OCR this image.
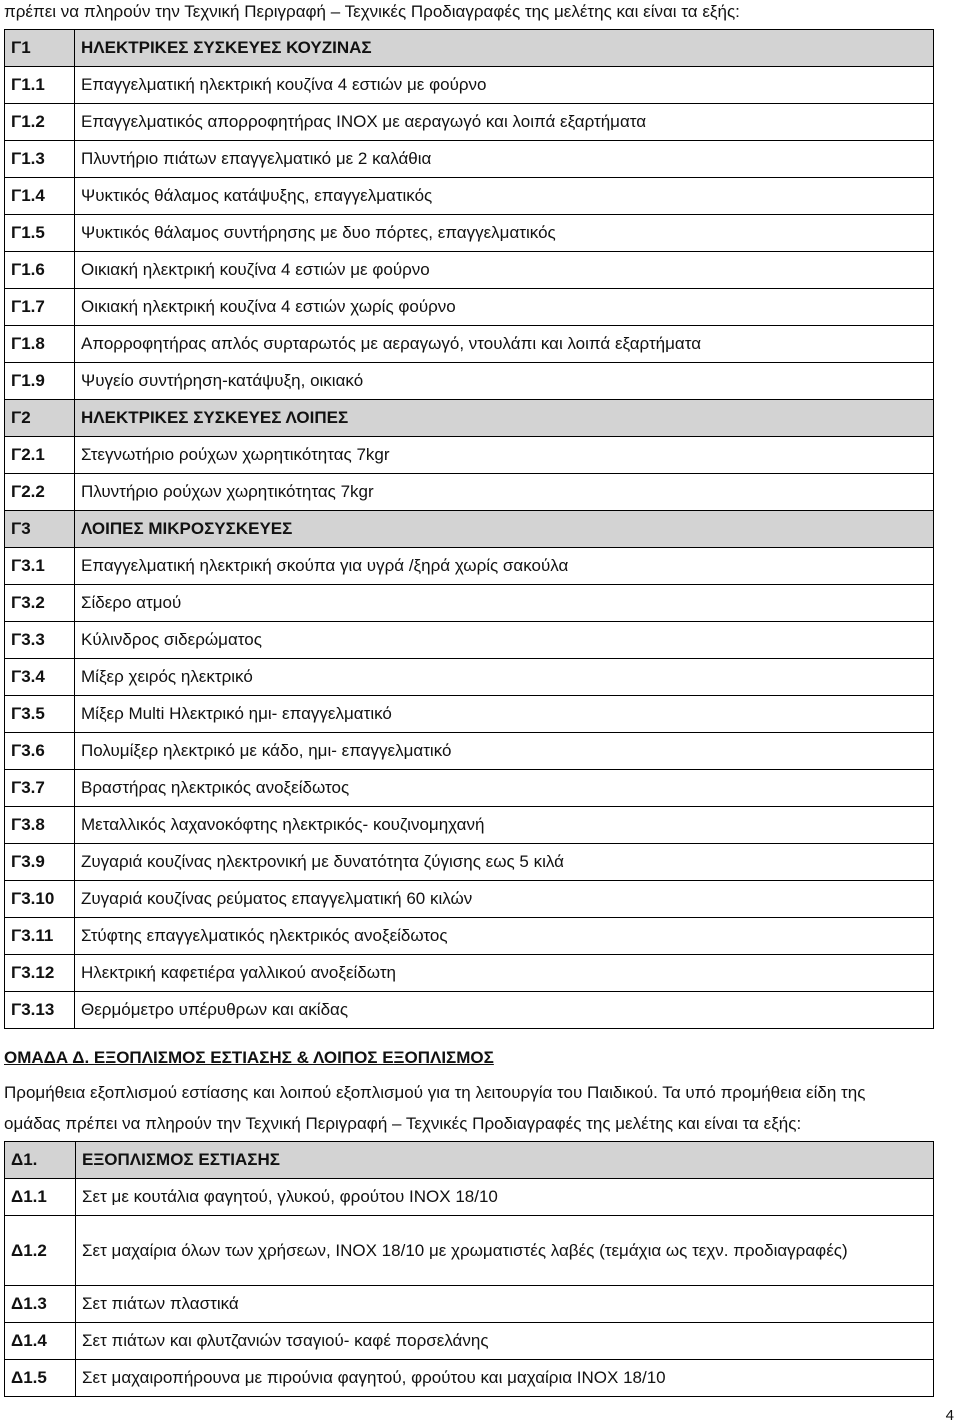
πρέπει να πληρούν την Τεχνική Περιγραφή – Τεχνικές Προδιαγραφές της μελέτης και είναι τα εξής:
Γ1	ΗΛΕΚΤΡΙΚΕΣ ΣΥΣΚΕΥΕΣ ΚΟΥΖΙΝΑΣ
Γ1.1	Επαγγελματική ηλεκτρική κουζίνα 4 εστιών με φούρνο
Γ1.2	Επαγγελματικός απορροφητήρας INOX με αεραγωγό και λοιπά εξαρτήματα
Γ1.3	Πλυντήριο πιάτων επαγγελματικό με 2 καλάθια
Γ1.4	Ψυκτικός θάλαμος κατάψυξης, επαγγελματικός
Γ1.5	Ψυκτικός θάλαμος συντήρησης με δυο πόρτες, επαγγελματικός
Γ1.6	Οικιακή ηλεκτρική κουζίνα 4 εστιών με φούρνο
Γ1.7	Οικιακή ηλεκτρική κουζίνα 4 εστιών χωρίς φούρνο
Γ1.8	Απορροφητήρας απλός συρταρωτός με αεραγωγό, ντουλάπι και λοιπά εξαρτήματα
Γ1.9	Ψυγείο συντήρηση-κατάψυξη, οικιακό
Γ2	ΗΛΕΚΤΡΙΚΕΣ ΣΥΣΚΕΥΕΣ ΛΟΙΠΕΣ
Γ2.1	Στεγνωτήριο ρούχων χωρητικότητας 7kgr
Γ2.2	Πλυντήριο ρούχων χωρητικότητας 7kgr
Γ3	ΛΟΙΠΕΣ ΜΙΚΡΟΣΥΣΚΕΥΕΣ
Γ3.1	Επαγγελματική ηλεκτρική σκούπα για υγρά /ξηρά χωρίς σακούλα
Γ3.2	Σίδερο ατμού
Γ3.3	Κύλινδρος σιδερώματος
Γ3.4	Μίξερ χειρός ηλεκτρικό
Γ3.5	Μίξερ Multi Ηλεκτρικό ημι- επαγγελματικό
Γ3.6	Πολυμίξερ ηλεκτρικό με κάδο, ημι- επαγγελματικό
Γ3.7	Βραστήρας ηλεκτρικός ανοξείδωτος
Γ3.8	Μεταλλικός λαχανοκόφτης ηλεκτρικός- κουζινομηχανή
Γ3.9	Ζυγαριά κουζίνας ηλεκτρονική με δυνατότητα ζύγισης εως 5 κιλά
Γ3.10	Ζυγαριά κουζίνας ρεύματος επαγγελματική 60 κιλών
Γ3.11	Στύφτης επαγγελματικός ηλεκτρικός ανοξείδωτος
Γ3.12	Ηλεκτρική καφετιέρα γαλλικού ανοξείδωτη
Γ3.13	Θερμόμετρο υπέρυθρων και ακίδας
ΟΜΑΔΑ Δ. ΕΞΟΠΛΙΣΜΟΣ ΕΣΤΙΑΣΗΣ & ΛΟΙΠΟΣ ΕΞΟΠΛΙΣΜΟΣ
Προμήθεια εξοπλισμού εστίασης και λοιπού εξοπλισμού για τη λειτουργία του Παιδικού. Τα υπό προμήθεια είδη της
ομάδας πρέπει να πληρούν την Τεχνική Περιγραφή – Τεχνικές Προδιαγραφές της μελέτης και είναι τα εξής:
Δ1.	ΕΞΟΠΛΙΣΜΟΣ ΕΣΤΙΑΣΗΣ
Δ1.1	Σετ με κουτάλια φαγητού, γλυκού, φρούτου INOX 18/10
Δ1.2	Σετ μαχαίρια όλων των χρήσεων, INOX 18/10 με χρωματιστές λαβές (τεμάχια ως τεχν. προδιαγραφές)
Δ1.3	Σετ πιάτων πλαστικά
Δ1.4	Σετ πιάτων και φλυτζανιών τσαγιού- καφέ πορσελάνης
Δ1.5	Σετ μαχαιροπήρουνα με πιρούνια φαγητού, φρούτου και μαχαίρια INOX 18/10
4
